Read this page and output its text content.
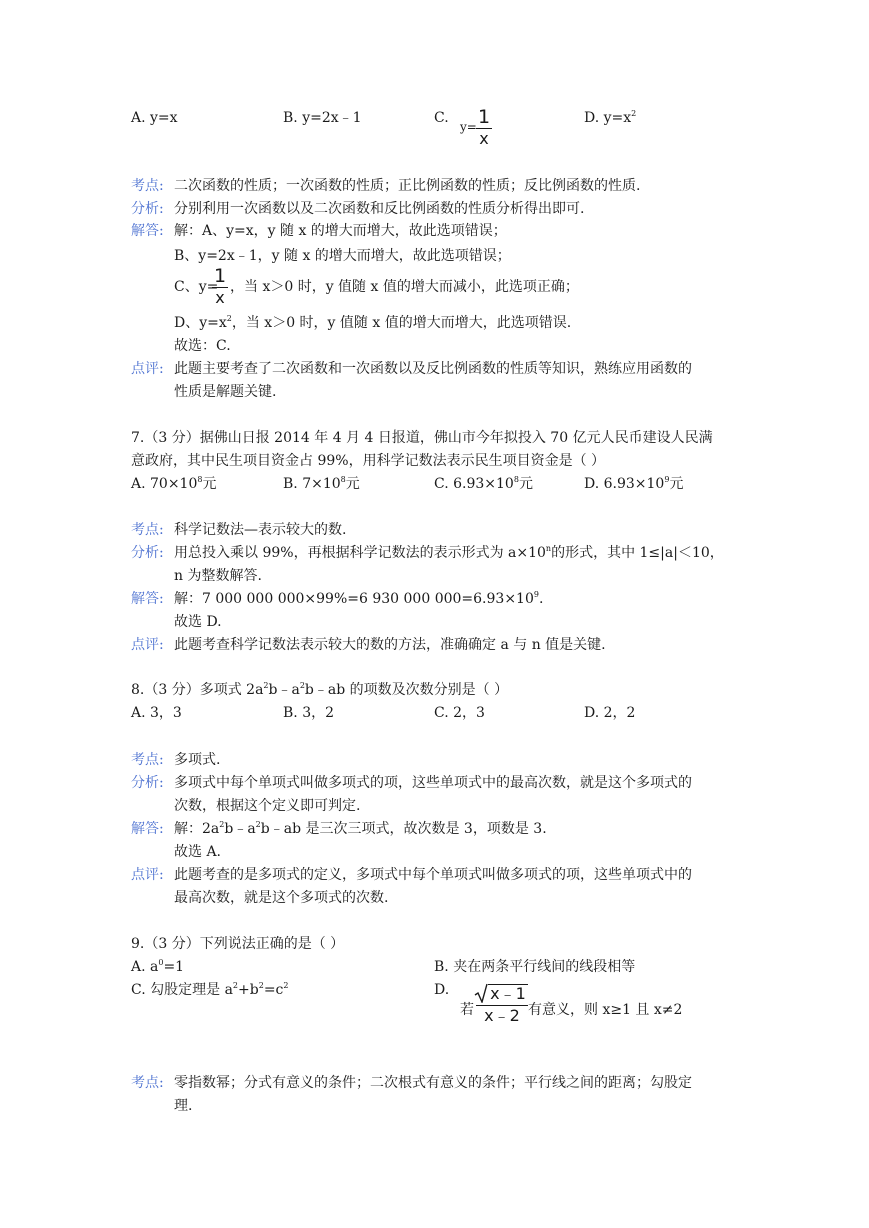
A. y=x	B. y=2x﹣1	C.
y= 1
x
D. $y=x^2$
考点: 二次函数的性质；一次函数的性质；正比例函数的性质；反比例函数的性质.
分析: 分别利用一次函数以及二次函数和反比例函数的性质分析得出即可.
解答: 解：A、y=x，y 随 x 的增大而增大，故此选项错误；
B、y=2x﹣1，y 随 x 的增大而增大，故此选项错误；
C、y=
1
x
，当 x＞0 时，y 值随 x 值的增大而减小，此选项正确；
D、$y=x^2$，当 x＞0 时，y 值随 x 值的增大而增大，此选项错误.
故选：C.
点评: 此题主要考查了二次函数和一次函数以及反比例函数的性质等知识，熟练应用函数的
性质是解题关键.
7.（3 分）据佛山日报 2014 年 4 月 4 日报道，佛山市今年拟投入 70 亿元人民币建设人民满
意政府，其中民生项目资金占 99%，用科学记数法表示民生项目资金是（ ）
A. $70\times 10^8$元	B. $7\times 10^8$元	C. $6.93\times 10^8$元	D. $6.93\times 10^9$元
考点: 科学记数法—表示较大的数.
分析: 用总投入乘以 99%，再根据科学记数法的表示形式为 $a\times 10^n$的形式，其中 1≤|a|＜10，
n 为整数解答.
解答: 解：7 000 000 000×99%=6 930 000 $000=6.93\times 10^9$.
故选 D.
点评: 此题考查科学记数法表示较大的数的方法，准确确定 a 与 n 值是关键.
8.（3 分）多项式 $2a^2b﹣a^2b﹣ab$ 的项数及次数分别是（ ）
A. 3，3	B. 3，2	C. 2，3	D. 2，2
考点: 多项式.
分析: 多项式中每个单项式叫做多项式的项，这些单项式中的最高次数，就是这个多项式的
次数，根据这个定义即可判定.
解答: 解：$2a^2b﹣a^2b﹣ab$ 是三次三项式，故次数是 3，项数是 3.
故选 A.
点评: 此题考查的是多项式的定义，多项式中每个单项式叫做多项式的项，这些单项式中的
最高次数，就是这个多项式的次数.
9.（3 分）下列说法正确的是（ ）
A. $a^0=1$	B. 夹在两条平行线间的线段相等
C. 勾股定理是 $a^2+b^2=c^2$	D.
若
x﹣1
x﹣2 有意义，则 x≥1 且 x≠2
考点: 零指数幂；分式有意义的条件；二次根式有意义的条件；平行线之间的距离；勾股定
理.
